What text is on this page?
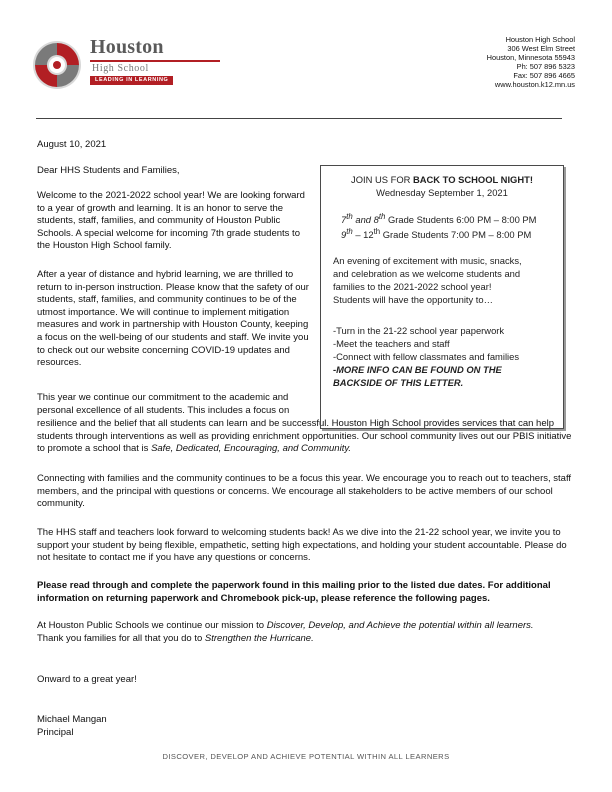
Houston
High School
LEADING IN LEARNING
Houston High School
306 West Elm Street
Houston, Minnesota 55943
Ph: 507 896 5323
Fax: 507 896 4665
www.houston.k12.mn.us

August 10, 2021

Dear HHS Students and Families,

Welcome to the 2021-2022 school year! We are looking forward to a year of growth and learning. It is an honor to serve the students, staff, families, and community of Houston Public Schools. A special welcome for incoming 7th grade students to the Houston High School family.

After a year of distance and hybrid learning, we are thrilled to return to in-person instruction. Please know that the safety of our students, staff, families, and community continues to be of the utmost importance. We will continue to implement mitigation measures and work in partnership with Houston County, keeping a focus on the well-being of our students and staff. We invite you to check out our website concerning COVID-19 updates and resources.

This year we continue our commitment to the academic and personal excellence of all students. This includes a focus on

resilience and the belief that all students can learn and be successful. Houston High School provides services that can help students through interventions as well as providing enrichment opportunities. Our school community lives out our PBIS initiative to promote a school that is Safe, Dedicated, Encouraging, and Community.

Connecting with families and the community continues to be a focus this year. We encourage you to reach out to teachers, staff members, and the principal with questions or concerns. We encourage all stakeholders to be active members of our school community.

The HHS staff and teachers look forward to welcoming students back! As we dive into the 21-22 school year, we invite you to support your student by being flexible, empathetic, setting high expectations, and holding your student accountable. Please do not hesitate to contact me if you have any questions or concerns.

Please read through and complete the paperwork found in this mailing prior to the listed due dates. For additional information on returning paperwork and Chromebook pick-up, please reference the following pages.

At Houston Public Schools we continue our mission to Discover, Develop, and Achieve the potential within all learners.
Thank you families for all that you do to Strengthen the Hurricane.

Onward to a great year!

Michael Mangan

Principal

JOIN US FOR BACK TO SCHOOL NIGHT!
Wednesday September 1, 2021
7th and 8th Grade Students 6:00 PM – 8:00 PM
9th – 12th Grade Students 7:00 PM – 8:00 PM
An evening of excitement with music, snacks,
and celebration as we welcome students and
families to the 2021-2022 school year!
Students will have the opportunity to…
-Turn in the 21-22 school year paperwork
-Meet the teachers and staff
-Connect with fellow classmates and families
-MORE INFO CAN BE FOUND ON THE
BACKSIDE OF THIS LETTER.
DISCOVER, DEVELOP AND ACHIEVE POTENTIAL WITHIN ALL LEARNERS
